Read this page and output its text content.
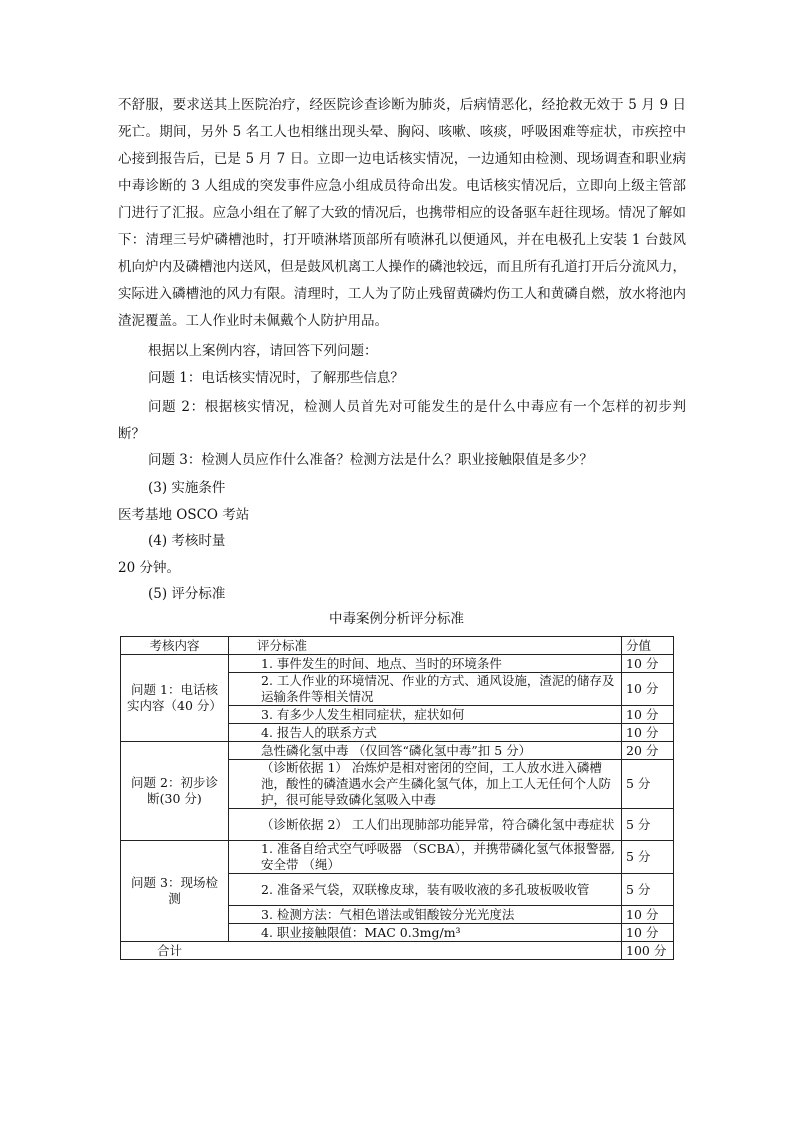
不舒服，要求送其上医院治疗，经医院诊查诊断为肺炎，后病情恶化，经抢救无效于 5 月 9 日死亡。期间，另外 5 名工人也相继出现头晕、胸闷、咳嗽、咳痰，呼吸困难等症状，市疾控中心接到报告后，已是 5 月 7 日。立即一边电话核实情况，一边通知由检测、现场调查和职业病中毒诊断的 3 人组成的突发事件应急小组成员待命出发。电话核实情况后，立即向上级主管部门进行了汇报。应急小组在了解了大致的情况后，也携带相应的设备驱车赶往现场。情况了解如下：清理三号炉磷槽池时，打开喷淋塔顶部所有喷淋孔以便通风，并在电极孔上安装 1 台鼓风机向炉内及磷槽池内送风，但是鼓风机离工人操作的磷池较远，而且所有孔道打开后分流风力，实际进入磷槽池的风力有限。清理时，工人为了防止残留黄磷灼伤工人和黄磷自燃，放水将池内渣泥覆盖。工人作业时未佩戴个人防护用品。

根据以上案例内容，请回答下列问题：

问题 1：电话核实情况时，了解那些信息？

问题 2：根据核实情况，检测人员首先对可能发生的是什么中毒应有一个怎样的初步判断？

问题 3：检测人员应作什么准备？检测方法是什么？职业接触限值是多少？

(3) 实施条件

医考基地 OSCO 考站

(4) 考核时量

20 分钟。

(5) 评分标准

中毒案例分析评分标准

考核内容	评分标准	分值
问题 1：电话核实内容（40 分）	1. 事件发生的时间、地点、当时的环境条件	10 分
	2. 工人作业的环境情况、作业的方式、通风设施，渣泥的储存及运输条件等相关情况	10 分
	3. 有多少人发生相同症状，症状如何	10 分
	4. 报告人的联系方式	10 分
问题 2：初步诊断(30 分)	急性磷化氢中毒 （仅回答“磷化氢中毒”扣 5 分）	20 分
	（诊断依据 1） 冶炼炉是相对密闭的空间，工人放水进入磷槽池，酸性的磷渣遇水会产生磷化氢气体，加上工人无任何个人防护，很可能导致磷化氢吸入中毒	5 分
	（诊断依据 2） 工人们出现肺部功能异常，符合磷化氢中毒症状	5 分
问题 3：现场检测	1. 准备自给式空气呼吸器 （SCBA），并携带磷化氢气体报警器,安全带 （绳）	5 分
	2. 准备采气袋，双联橡皮球，装有吸收液的多孔玻板吸收管	5 分
	3. 检测方法：气相色谱法或钼酸铵分光光度法	10 分
	4. 职业接触限值：MAC 0.3mg/m³	10 分
合计		100 分
